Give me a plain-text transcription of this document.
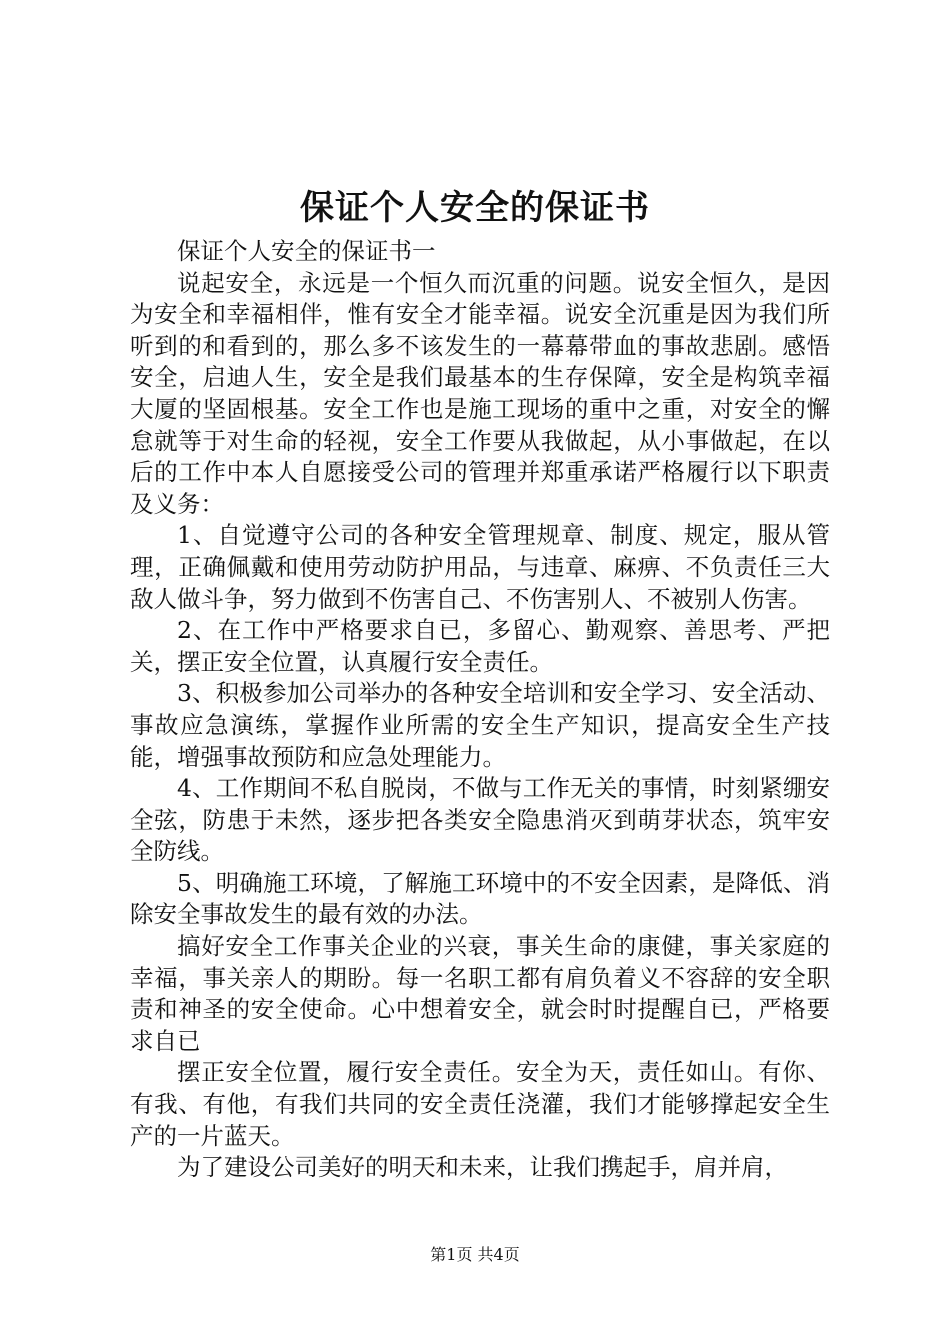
保证个人安全的保证书

保证个人安全的保证书一

说起安全，永远是一个恒久而沉重的问题。说安全恒久，是因为安全和幸福相伴，惟有安全才能幸福。说安全沉重是因为我们所听到的和看到的，那么多不该发生的一幕幕带血的事故悲剧。感悟安全，启迪人生，安全是我们最基本的生存保障，安全是构筑幸福大厦的坚固根基。安全工作也是施工现场的重中之重，对安全的懈怠就等于对生命的轻视，安全工作要从我做起，从小事做起，在以后的工作中本人自愿接受公司的管理并郑重承诺严格履行以下职责及义务：

1、自觉遵守公司的各种安全管理规章、制度、规定，服从管理，正确佩戴和使用劳动防护用品，与违章、麻痹、不负责任三大敌人做斗争，努力做到不伤害自己、不伤害别人、不被别人伤害。

2、在工作中严格要求自已，多留心、勤观察、善思考、严把关，摆正安全位置，认真履行安全责任。

3、积极参加公司举办的各种安全培训和安全学习、安全活动、事故应急演练，掌握作业所需的安全生产知识，提高安全生产技能，增强事故预防和应急处理能力。

4、工作期间不私自脱岗，不做与工作无关的事情，时刻紧绷安全弦，防患于未然，逐步把各类安全隐患消灭到萌芽状态，筑牢安全防线。

5、明确施工环境，了解施工环境中的不安全因素，是降低、消除安全事故发生的最有效的办法。

搞好安全工作事关企业的兴衰，事关生命的康健，事关家庭的幸福，事关亲人的期盼。每一名职工都有肩负着义不容辞的安全职责和神圣的安全使命。心中想着安全，就会时时提醒自已，严格要求自已

摆正安全位置，履行安全责任。安全为天，责任如山。有你、有我、有他，有我们共同的安全责任浇灌，我们才能够撑起安全生产的一片蓝天。

为了建设公司美好的明天和未来，让我们携起手，肩并肩，

第1页 共4页
